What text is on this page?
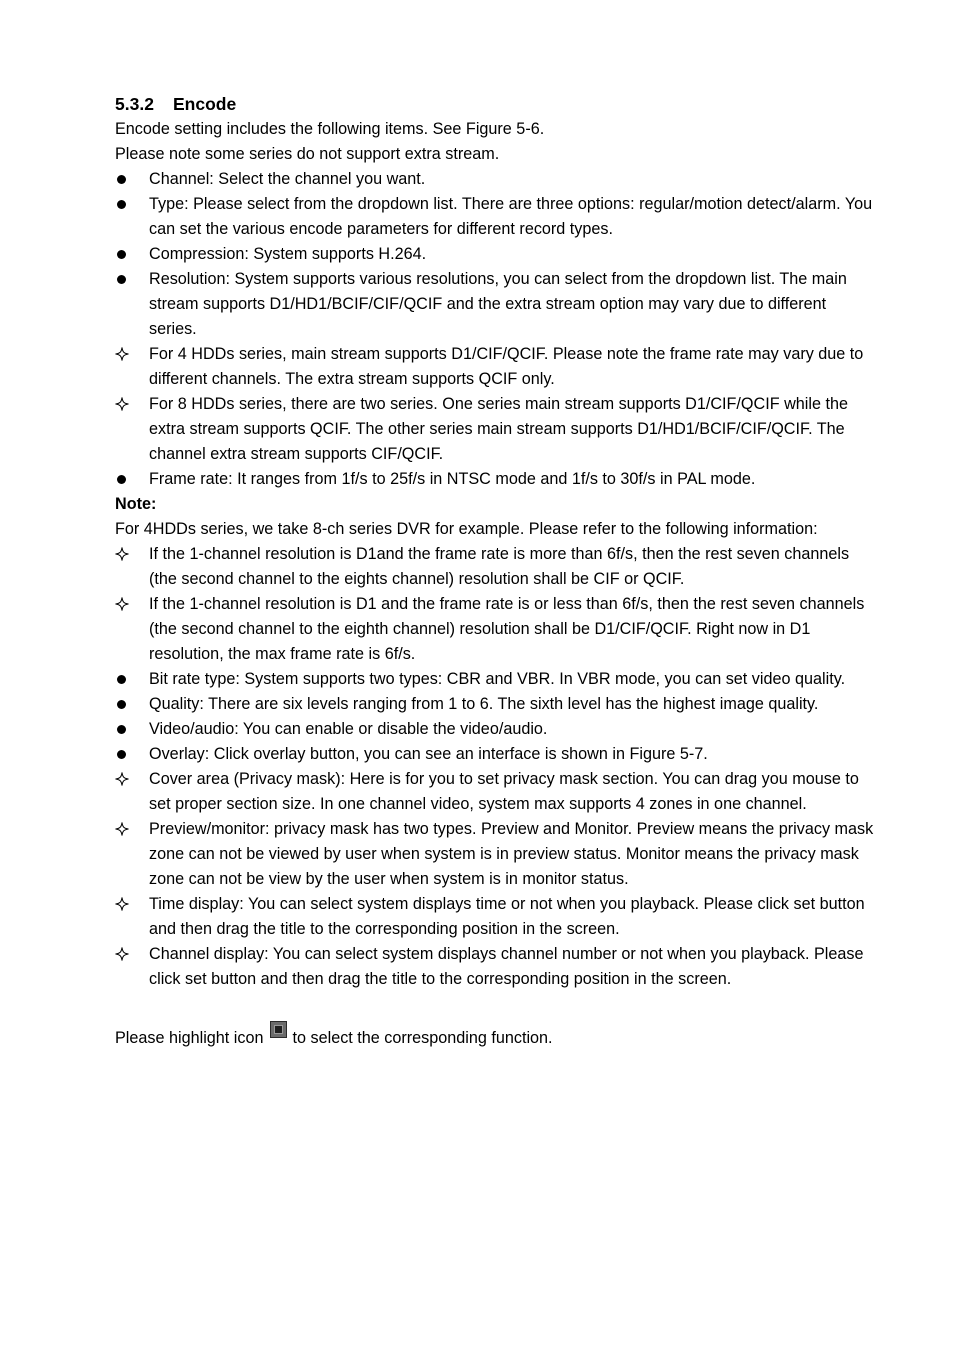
5.3.2 Encode

Encode setting includes the following items. See Figure 5-6.

Please note some series do not support extra stream.

Channel: Select the channel you want.

Type: Please select from the dropdown list. There are three options: regular/motion detect/alarm. You can set the various encode parameters for different record types.

Compression: System supports H.264.

Resolution: System supports various resolutions, you can select from the dropdown list. The main stream supports D1/HD1/BCIF/CIF/QCIF and the extra stream option may vary due to different series.

For 4 HDDs series, main stream supports D1/CIF/QCIF. Please note the frame rate may vary due to different channels. The extra stream supports QCIF only.

For 8 HDDs series, there are two series. One series main stream supports D1/CIF/QCIF while the extra stream supports QCIF. The other series main stream supports D1/HD1/BCIF/CIF/QCIF. The channel extra stream supports CIF/QCIF.

Frame rate: It ranges from 1f/s to 25f/s in NTSC mode and 1f/s to 30f/s in PAL mode.

Note:

For 4HDDs series, we take 8-ch series DVR for example. Please refer to the following information:

If the 1-channel resolution is D1and the frame rate is more than 6f/s, then the rest seven channels (the second channel to the eights channel) resolution shall be CIF or QCIF.

If the 1-channel resolution is D1 and the frame rate is or less than 6f/s, then the rest seven channels (the second channel to the eighth channel) resolution shall be D1/CIF/QCIF. Right now in D1 resolution, the max frame rate is 6f/s.

Bit rate type: System supports two types: CBR and VBR. In VBR mode, you can set video quality.

Quality: There are six levels ranging from 1 to 6. The sixth level has the highest image quality.

Video/audio: You can enable or disable the video/audio.

Overlay: Click overlay button, you can see an interface is shown in Figure 5-7.

Cover area (Privacy mask): Here is for you to set privacy mask section. You can drag you mouse to set proper section size. In one channel video, system max supports 4 zones in one channel.

Preview/monitor: privacy mask has two types. Preview and Monitor. Preview means the privacy mask zone can not be viewed by user when system is in preview status. Monitor means the privacy mask zone can not be view by the user when system is in monitor status.

Time display: You can select system displays time or not when you playback. Please click set button and then drag the title to the corresponding position in the screen.

Channel display: You can select system displays channel number or not when you playback. Please click set button and then drag the title to the corresponding position in the screen.

Please highlight icon to select the corresponding function.
